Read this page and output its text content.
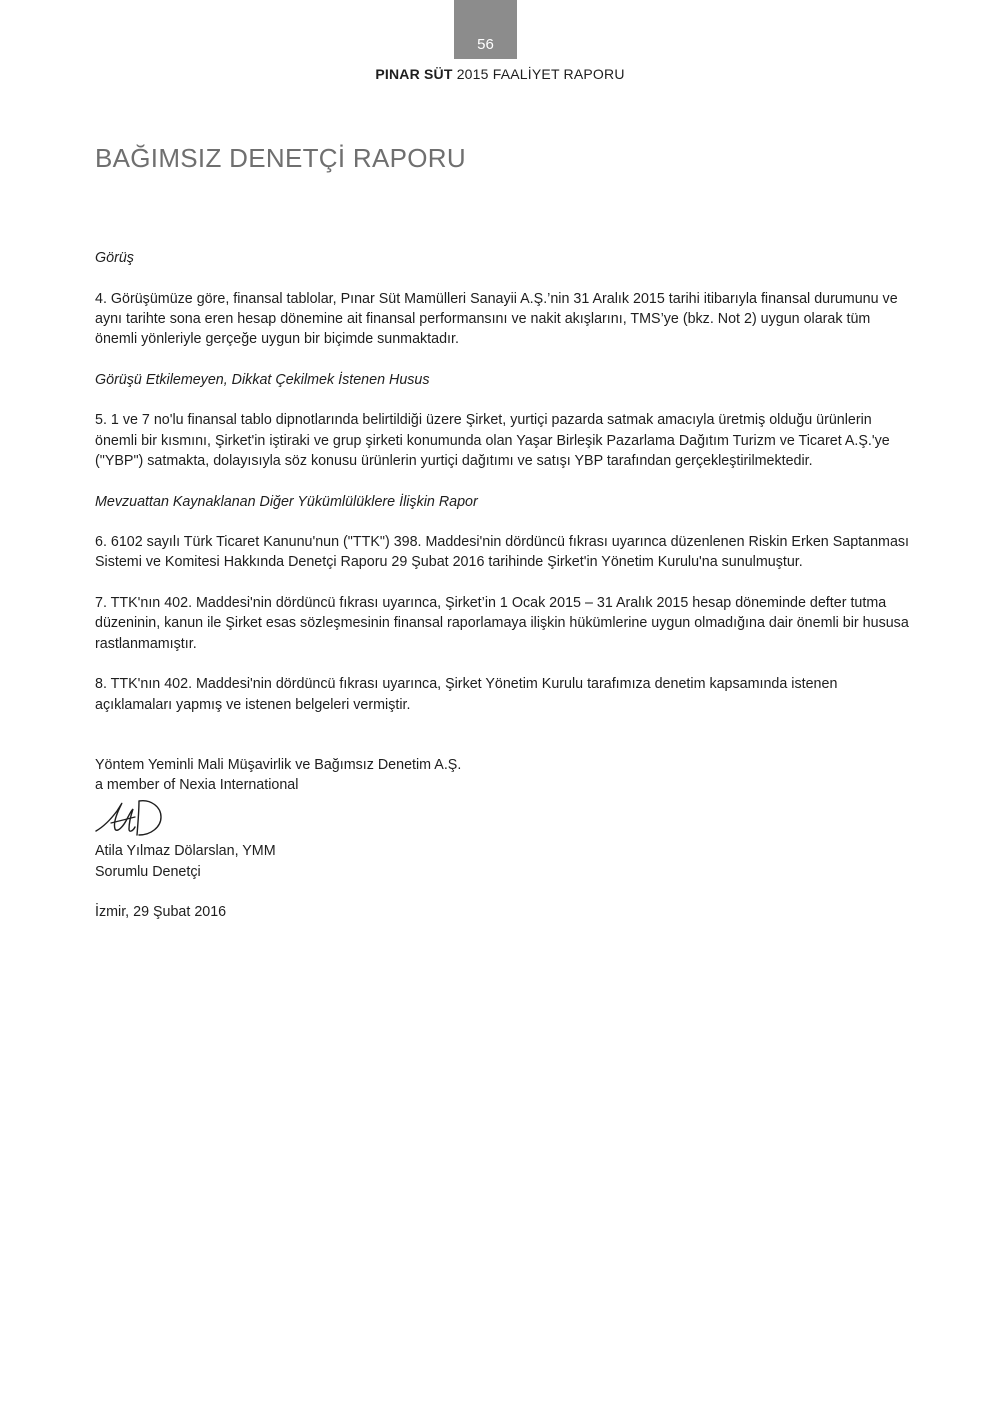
56
PINAR SÜT 2015 FAALİYET RAPORU
BAĞIMSIZ DENETÇİ RAPORU

Görüş

4. Görüşümüze göre, finansal tablolar, Pınar Süt Mamülleri Sanayii A.Ş.’nin 31 Aralık 2015 tarihi itibarıyla finansal durumunu ve aynı tarihte sona eren hesap dönemine ait finansal performansını ve nakit akışlarını, TMS’ye (bkz. Not 2) uygun olarak tüm önemli yönleriyle gerçeğe uygun bir biçimde sunmaktadır.

Görüşü Etkilemeyen, Dikkat Çekilmek İstenen Husus

5. 1 ve 7 no'lu finansal tablo dipnotlarında belirtildiği üzere Şirket, yurtiçi pazarda satmak amacıyla üretmiş olduğu ürünlerin önemli bir kısmını, Şirket'in iştiraki ve grup şirketi konumunda olan Yaşar Birleşik Pazarlama Dağıtım Turizm ve Ticaret A.Ş.'ye ("YBP") satmakta, dolayısıyla söz konusu ürünlerin yurtiçi dağıtımı ve satışı YBP tarafından gerçekleştirilmektedir.

Mevzuattan Kaynaklanan Diğer Yükümlülüklere İlişkin Rapor

6. 6102 sayılı Türk Ticaret Kanunu'nun ("TTK") 398. Maddesi'nin dördüncü fıkrası uyarınca düzenlenen Riskin Erken Saptanması Sistemi ve Komitesi Hakkında Denetçi Raporu 29 Şubat 2016 tarihinde Şirket'in Yönetim Kurulu'na sunulmuştur.

7. TTK'nın 402. Maddesi'nin dördüncü fıkrası uyarınca, Şirket’in 1 Ocak 2015 – 31 Aralık 2015 hesap döneminde defter tutma düzeninin, kanun ile Şirket esas sözleşmesinin finansal raporlamaya ilişkin hükümlerine uygun olmadığına dair önemli bir hususa rastlanmamıştır.

8. TTK'nın 402. Maddesi'nin dördüncü fıkrası uyarınca, Şirket Yönetim Kurulu tarafımıza denetim kapsamında istenen açıklamaları yapmış ve istenen belgeleri vermiştir.

Yöntem Yeminli Mali Müşavirlik ve Bağımsız Denetim A.Ş.
a member of Nexia International
Atila Yılmaz Dölarslan, YMM
Sorumlu Denetçi

İzmir, 29 Şubat 2016
